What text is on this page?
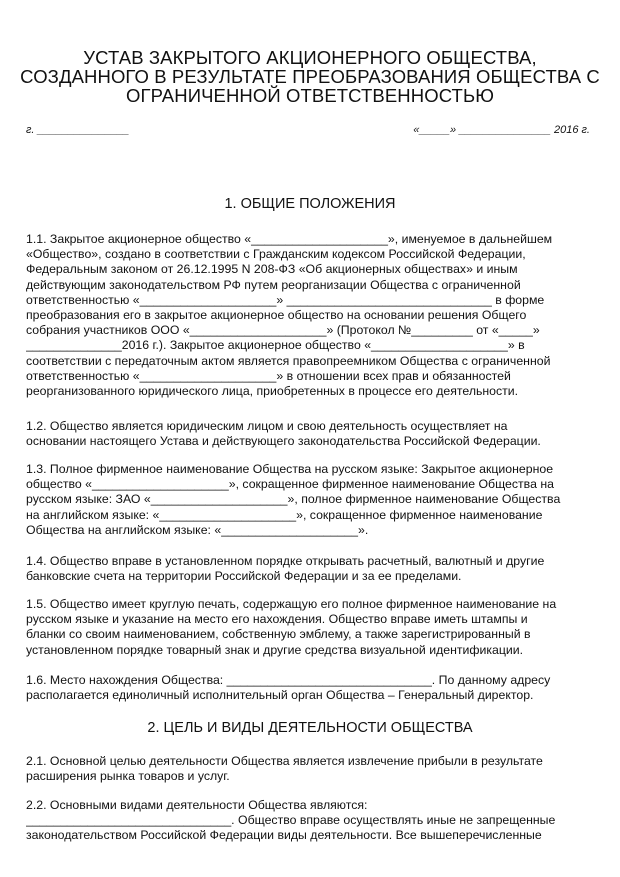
УСТАВ ЗАКРЫТОГО АКЦИОНЕРНОГО ОБЩЕСТВА,
СОЗДАННОГО В РЕЗУЛЬТАТЕ ПРЕОБРАЗОВАНИЯ ОБЩЕСТВА С
ОГРАНИЧЕННОЙ ОТВЕТСТВЕННОСТЬЮ
г. _______________	«_____» _______________ 2016 г.
1. ОБЩИЕ ПОЛОЖЕНИЯ
1.1. Закрытое акционерное общество «____________________», именуемое в дальнейшем
«Общество», создано в соответствии с Гражданским кодексом Российской Федерации,
Федеральным законом от 26.12.1995 N 208-ФЗ «Об акционерных обществах» и иным
действующим законодательством РФ путем реорганизации Общества с ограниченной
ответственностью «____________________» ______________________________ в форме
преобразования его в закрытое акционерное общество на основании решения Общего
собрания участников ООО «____________________» (Протокол №_________ от «_____»
______________2016 г.). Закрытое акционерное общество «____________________» в
соответствии с передаточным актом является правопреемником Общества с ограниченной
ответственностью «____________________» в отношении всех прав и обязанностей
реорганизованного юридического лица, приобретенных в процессе его деятельности.
1.2. Общество является юридическим лицом и свою деятельность осуществляет на
основании настоящего Устава и действующего законодательства Российской Федерации.
1.3. Полное фирменное наименование Общества на русском языке: Закрытое акционерное
общество «____________________», сокращенное фирменное наименование Общества на
русском языке: ЗАО «____________________», полное фирменное наименование Общества
на английском языке: «____________________», сокращенное фирменное наименование
Общества на английском языке: «____________________».
1.4. Общество вправе в установленном порядке открывать расчетный, валютный и другие
банковские счета на территории Российской Федерации и за ее пределами.
1.5. Общество имеет круглую печать, содержащую его полное фирменное наименование на
русском языке и указание на место его нахождения. Общество вправе иметь штампы и
бланки со своим наименованием, собственную эмблему, а также зарегистрированный в
установленном порядке товарный знак и другие средства визуальной идентификации.
1.6. Место нахождения Общества: ______________________________. По данному адресу
располагается единоличный исполнительный орган Общества – Генеральный директор.
2. ЦЕЛЬ И ВИДЫ ДЕЯТЕЛЬНОСТИ ОБЩЕСТВА
2.1. Основной целью деятельности Общества является извлечение прибыли в результате
расширения рынка товаров и услуг.
2.2. Основными видами деятельности Общества являются:
______________________________. Общество вправе осуществлять иные не запрещенные
законодательством Российской Федерации виды деятельности. Все вышеперечисленные
